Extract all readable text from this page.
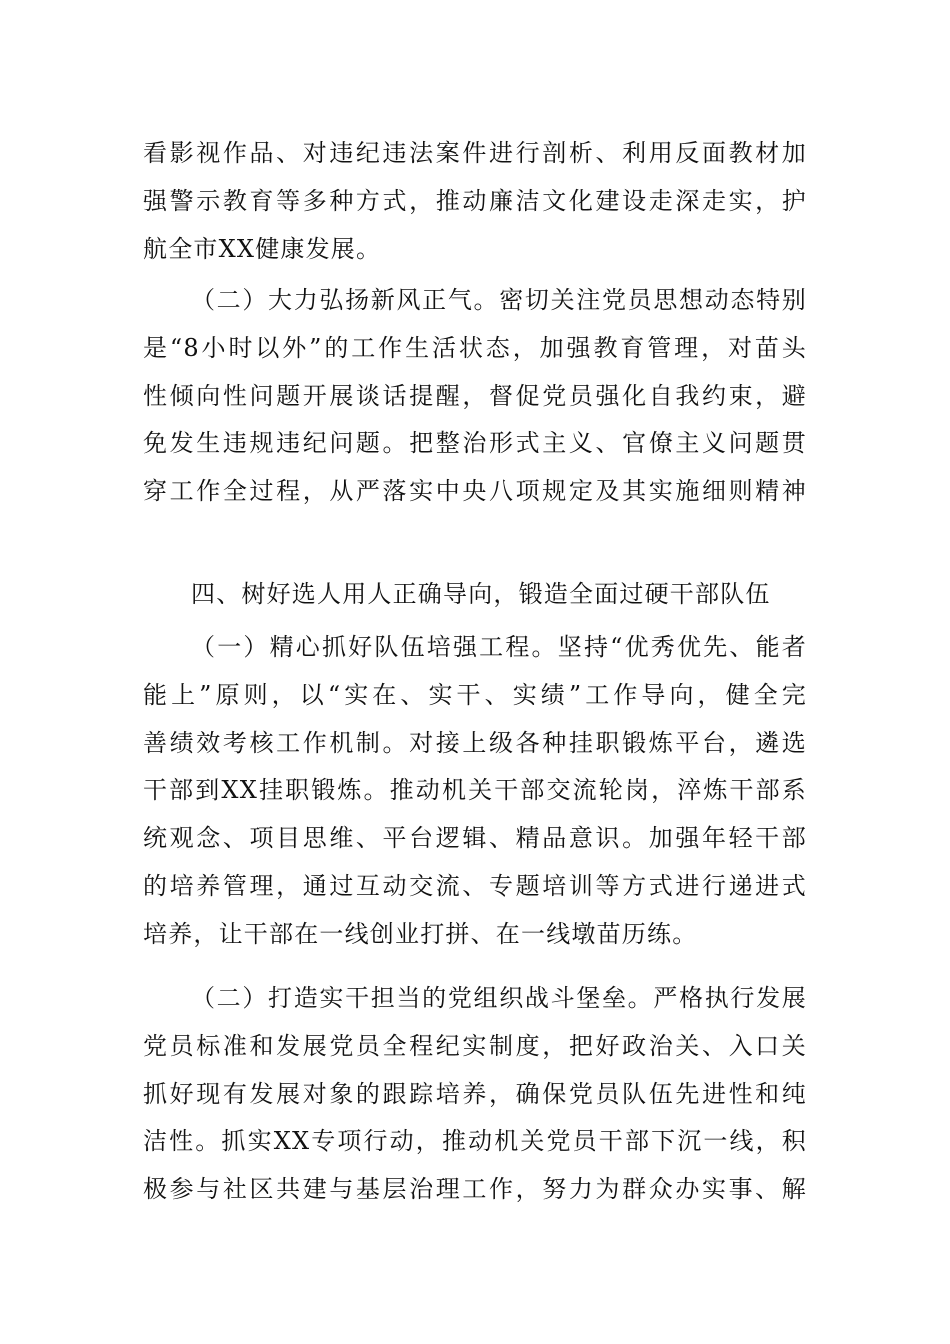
看影视作品、对违纪违法案件进行剖析、利用反面教材加
强警示教育等多种方式，推动廉洁文化建设走深走实，护
航全市XX健康发展。
（二）大力弘扬新风正气。密切关注党员思想动态特别
是“8小时以外”的工作生活状态，加强教育管理，对苗头
性倾向性问题开展谈话提醒，督促党员强化自我约束，避
免发生违规违纪问题。把整治形式主义、官僚主义问题贯
穿工作全过程，从严落实中央八项规定及其实施细则精神
四、树好选人用人正确导向，锻造全面过硬干部队伍
（一）精心抓好队伍培强工程。坚持“优秀优先、能者
能上”原则，以“实在、实干、实绩”工作导向，健全完
善绩效考核工作机制。对接上级各种挂职锻炼平台，遴选
干部到XX挂职锻炼。推动机关干部交流轮岗，淬炼干部系
统观念、项目思维、平台逻辑、精品意识。加强年轻干部
的培养管理，通过互动交流、专题培训等方式进行递进式
培养，让干部在一线创业打拼、在一线墩苗历练。
（二）打造实干担当的党组织战斗堡垒。严格执行发展
党员标准和发展党员全程纪实制度，把好政治关、入口关
抓好现有发展对象的跟踪培养，确保党员队伍先进性和纯
洁性。抓实XX专项行动，推动机关党员干部下沉一线，积
极参与社区共建与基层治理工作，努力为群众办实事、解
